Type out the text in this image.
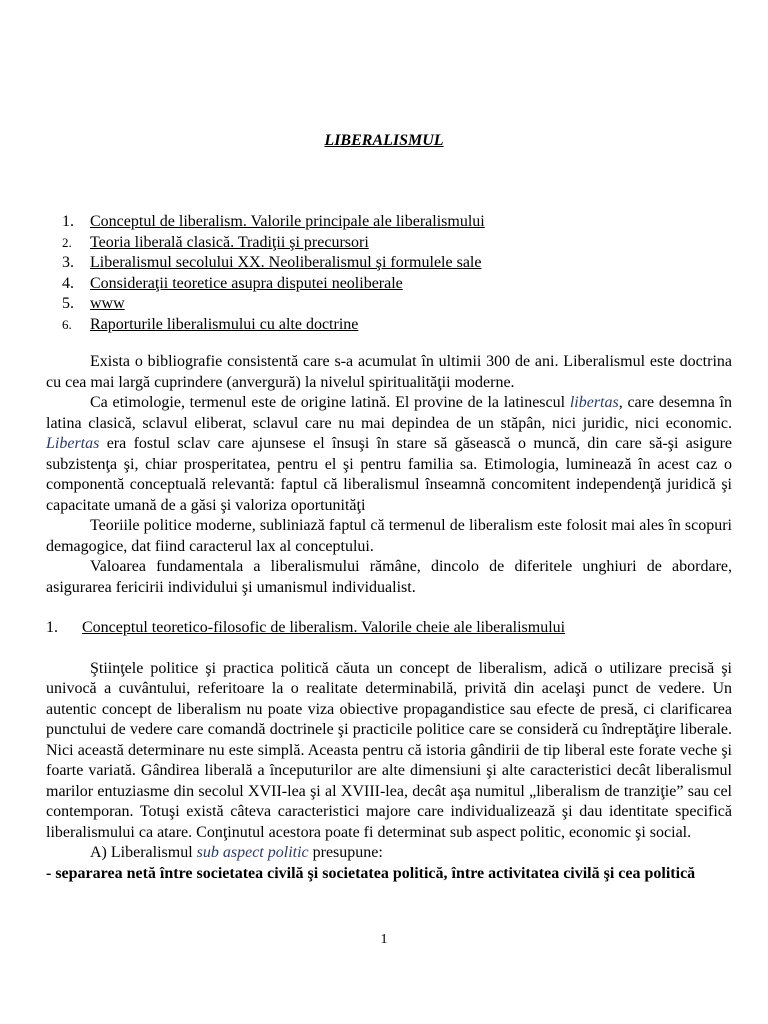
LIBERALISMUL
1. Conceptul de liberalism. Valorile principale ale liberalismului
2. Teoria liberală clasică. Tradiţii şi precursori
3. Liberalismul secolului XX. Neoliberalismul şi formulele sale
4. Consideraţii teoretice asupra disputei neoliberale
5. www
6. Raporturile liberalismului cu alte doctrine

Exista o bibliografie consistentă care s-a acumulat în ultimii 300 de ani. Liberalismul este doctrina cu cea mai largă cuprindere (anvergură) la nivelul spiritualităţii moderne.

Ca etimologie, termenul este de origine latină. El provine de la latinescul libertas, care desemna în latina clasică, sclavul eliberat, sclavul care nu mai depindea de un stăpân, nici juridic, nici economic. Libertas era fostul sclav care ajunsese el însuşi în stare să găsească o muncă, din care să-şi asigure subzistenţa şi, chiar prosperitatea, pentru el şi pentru familia sa. Etimologia, luminează în acest caz o componentă conceptuală relevantă: faptul că liberalismul înseamnă concomitent independenţă juridică şi capacitate umană de a găsi şi valoriza oportunităţi

Teoriile politice moderne, subliniază faptul că termenul de liberalism este folosit mai ales în scopuri demagogice, dat fiind caracterul lax al conceptului.

Valoarea fundamentala a liberalismului rămâne, dincolo de diferitele unghiuri de abordare, asigurarea fericirii individului şi umanismul individualist.

1.	Conceptul teoretico-filosofic de liberalism. Valorile cheie ale liberalismului

Ştiinţele politice şi practica politică căuta un concept de liberalism, adică o utilizare precisă şi univocă a cuvântului, referitoare la o realitate determinabilă, privită din acelaşi punct de vedere. Un autentic concept de liberalism nu poate viza obiective propagandistice sau efecte de presă, ci clarificarea punctului de vedere care comandă doctrinele şi practicile politice care se consideră cu îndreptăţire liberale. Nici această determinare nu este simplă. Aceasta pentru că istoria gândirii de tip liberal este forate veche şi foarte variată. Gândirea liberală a începuturilor are alte dimensiuni şi alte caracteristici decât liberalismul marilor entuziasme din secolul XVII-lea şi al XVIII-lea, decât aşa numitul „liberalism de tranziţie” sau cel contemporan. Totuşi există câteva caracteristici majore care individualizează şi dau identitate specifică liberalismului ca atare. Conţinutul acestora poate fi determinat sub aspect politic, economic şi social.

A) Liberalismul sub aspect politic presupune:

- separarea netă între societatea civilă şi societatea politică, între activitatea civilă şi cea politică

1
